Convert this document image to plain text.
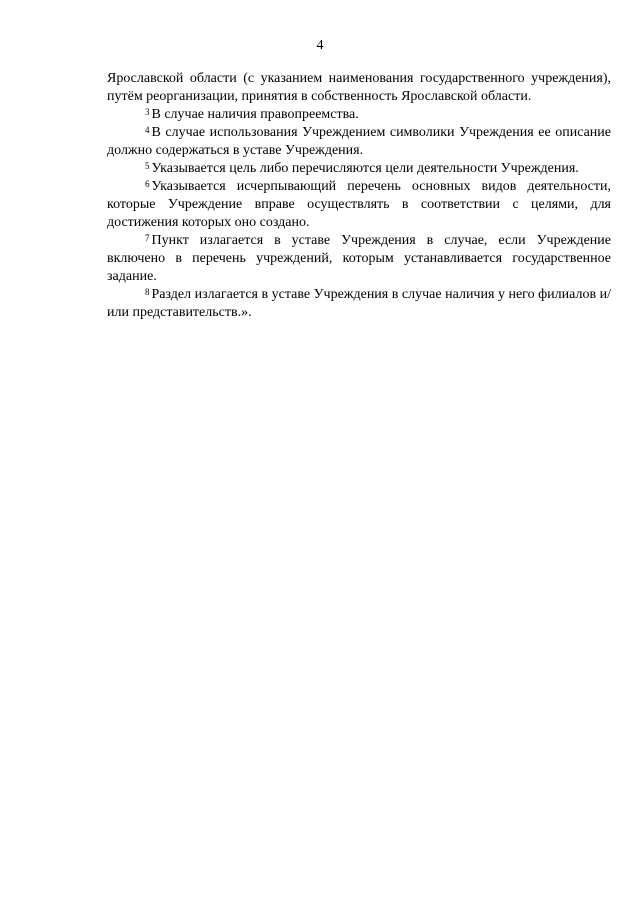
4

Ярославской области (с указанием наименования государственного учреждения), путём реорганизации, принятия в собственность Ярославской области.

$^3$ В случае наличия правопреемства.

$^4$ В случае использования Учреждением символики Учреждения ее описание должно содержаться в уставе Учреждения.

$^5$ Указывается цель либо перечисляются цели деятельности Учреждения.

$^6$ Указывается исчерпывающий перечень основных видов деятельности, которые Учреждение вправе осуществлять в соответствии с целями, для достижения которых оно создано.

$^7$ Пункт излагается в уставе Учреждения в случае, если Учреждение включено в перечень учреждений, которым устанавливается государственное задание.

$^8$ Раздел излагается в уставе Учреждения в случае наличия у него филиалов и/или представительств.».
